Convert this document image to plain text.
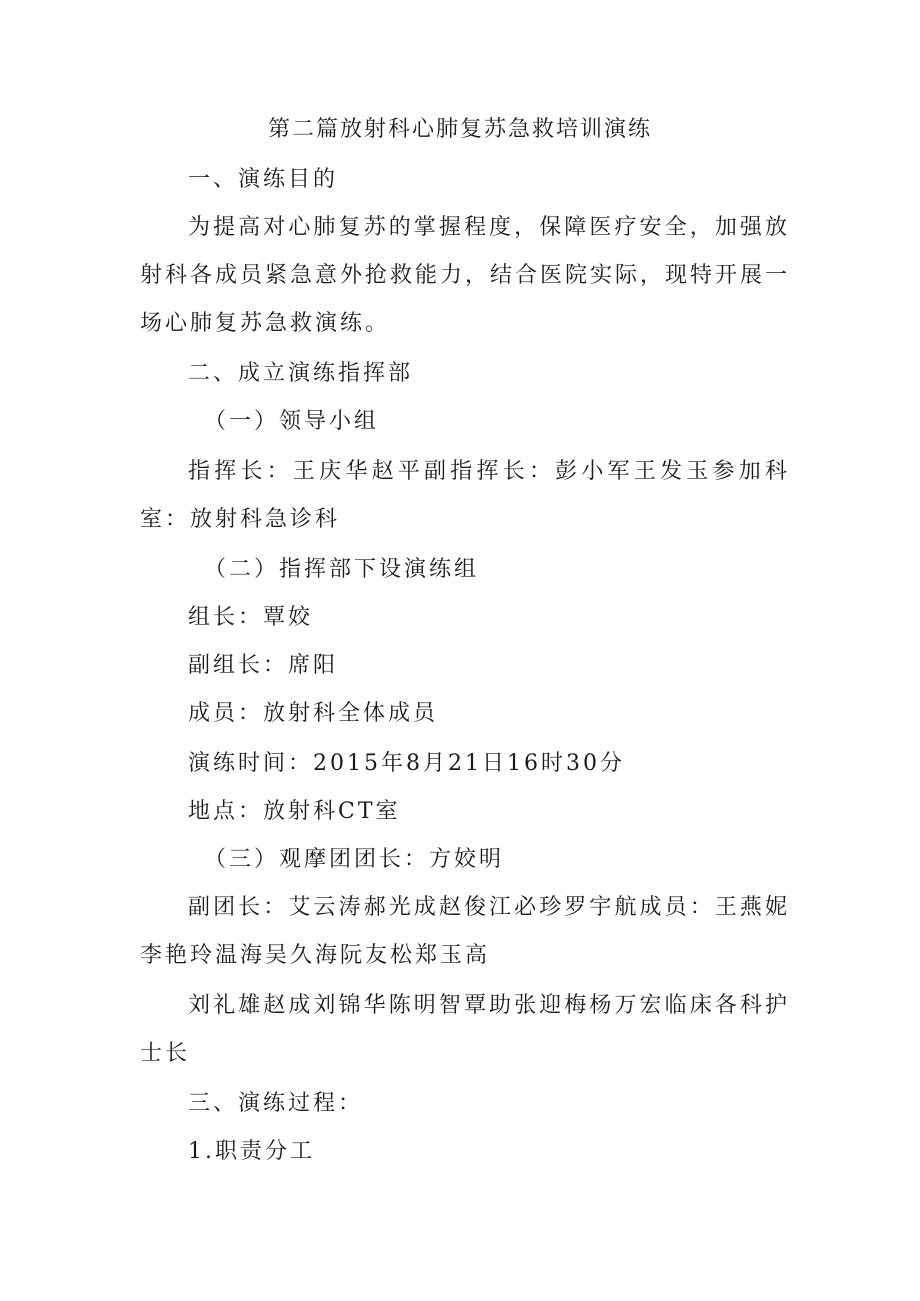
第二篇放射科心肺复苏急救培训演练

一、演练目的

为提高对心肺复苏的掌握程度，保障医疗安全，加强放射科各成员紧急意外抢救能力，结合医院实际，现特开展一场心肺复苏急救演练。

二、成立演练指挥部

（一）领导小组

指挥长：王庆华赵平副指挥长：彭小军王发玉参加科室：放射科急诊科

（二）指挥部下设演练组

组长：覃姣

副组长：席阳

成员：放射科全体成员

演练时间：2015年8月21日16时30分

地点：放射科CT室

（三）观摩团团长：方姣明

副团长：艾云涛郝光成赵俊江必珍罗宇航成员：王燕妮李艳玲温海吴久海阮友松郑玉高

刘礼雄赵成刘锦华陈明智覃助张迎梅杨万宏临床各科护士长

三、演练过程：

1.职责分工
